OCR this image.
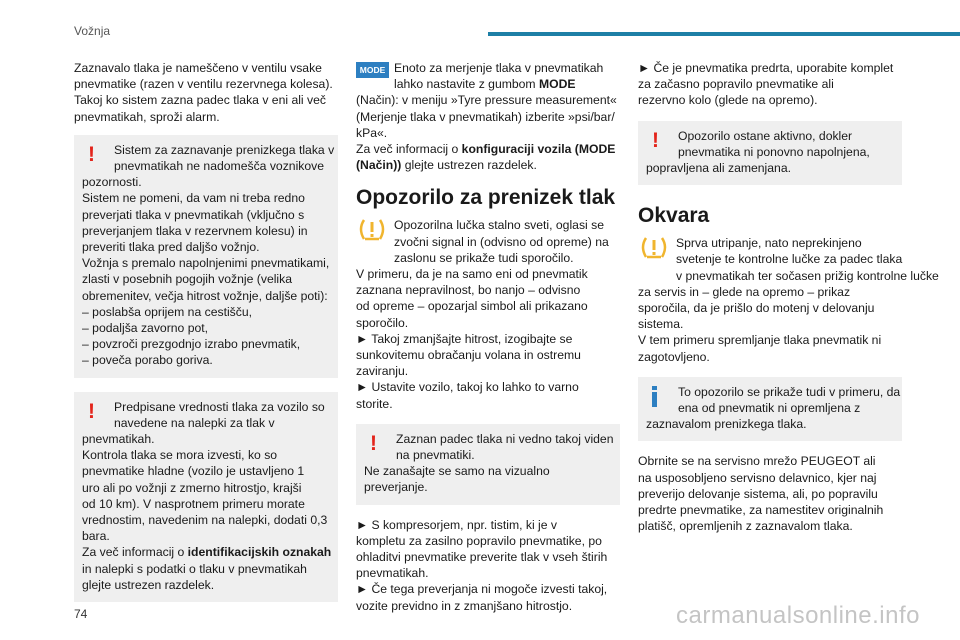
Vožnja

Zaznavalo tlaka je nameščeno v ventilu vsake
pnevmatike (razen v ventilu rezervnega kolesa).
Takoj ko sistem zazna padec tlaka v eni ali več
pnevmatikah, sproži alarm.

!	Sistem za zaznavanje prenizkega tlaka v
pnevmatikah ne nadomešča voznikove
pozornosti.
Sistem ne pomeni, da vam ni treba redno
preverjati tlaka v pnevmatikah (vključno s
preverjanjem tlaka v rezervnem kolesu) in
preveriti tlaka pred daljšo vožnjo.
Vožnja s premalo napolnjenimi pnevmatikami,
zlasti v posebnih pogojih vožnje (velika
obremenitev, večja hitrost vožnje, daljše poti):
– poslabša oprijem na cestišču,
– podaljša zavorno pot,
– povzroči prezgodnjo izrabo pnevmatik,
– poveča porabo goriva.
!	Predpisane vrednosti tlaka za vozilo so
navedene na nalepki za tlak v
pnevmatikah.
Kontrola tlaka se mora izvesti, ko so
pnevmatike hladne (vozilo je ustavljeno 1
uro ali po vožnji z zmerno hitrostjo, krajši
od 10 km). V nasprotnem primeru morate
vrednostim, navedenim na nalepki, dodati 0,3
bara.
Za več informacij o identifikacijskih oznakah
in nalepki s podatki o tlaku v pnevmatikah
glejte ustrezen razdelek.
MODE Enoto za merjenje tlaka v pnevmatikah
lahko nastavite z gumbom MODE
(Način): v meniju »Tyre pressure measurement«
(Merjenje tlaka v pnevmatikah) izberite »psi/bar/
kPa«.
Za več informacij o konfiguraciji vozila (MODE
(Način)) glejte ustrezen razdelek.
Opozorilo za prenizek tlak
Opozorilna lučka stalno sveti, oglasi se
zvočni signal in (odvisno od opreme) na
zaslonu se prikaže tudi sporočilo.
V primeru, da je na samo eni od pnevmatik
zaznana nepravilnost, bo nanjo – odvisno
od opreme – opozarjal simbol ali prikazano
sporočilo.
► Takoj zmanjšajte hitrost, izogibajte se
sunkovitemu obračanju volana in ostremu
zaviranju.
► Ustavite vozilo, takoj ko lahko to varno
storite.
!	Zaznan padec tlaka ni vedno takoj viden
na pnevmatiki.
Ne zanašajte se samo na vizualno
preverjanje.
► S kompresorjem, npr. tistim, ki je v
kompletu za zasilno popravilo pnevmatike, po
ohladitvi pnevmatike preverite tlak v vseh štirih
pnevmatikah.
► Če tega preverjanja ni mogoče izvesti takoj,
vozite previdno in z zmanjšano hitrostjo.

► Če je pnevmatika predrta, uporabite komplet
za začasno popravilo pnevmatike ali
rezervno kolo (glede na opremo).

!	Opozorilo ostane aktivno, dokler
pnevmatika ni ponovno napolnjena,
popravljena ali zamenjana.
Okvara
Sprva utripanje, nato neprekinjeno
svetenje te kontrolne lučke za padec tlaka
v pnevmatikah ter sočasen prižig kontrolne lučke
za servis in – glede na opremo – prikaz
sporočila, da je prišlo do motenj v delovanju
sistema.
V tem primeru spremljanje tlaka pnevmatik ni
zagotovljeno.
To opozorilo se prikaže tudi v primeru, da
ena od pnevmatik ni opremljena z
zaznavalom prenizkega tlaka.

Obrnite se na servisno mrežo PEUGEOT ali
na usposobljeno servisno delavnico, kjer naj
preverijo delovanje sistema, ali, po popravilu
predrte pnevmatike, za namestitev originalnih
platišč, opremljenih z zaznavalom tlaka.

74	carmanualsonline.info
